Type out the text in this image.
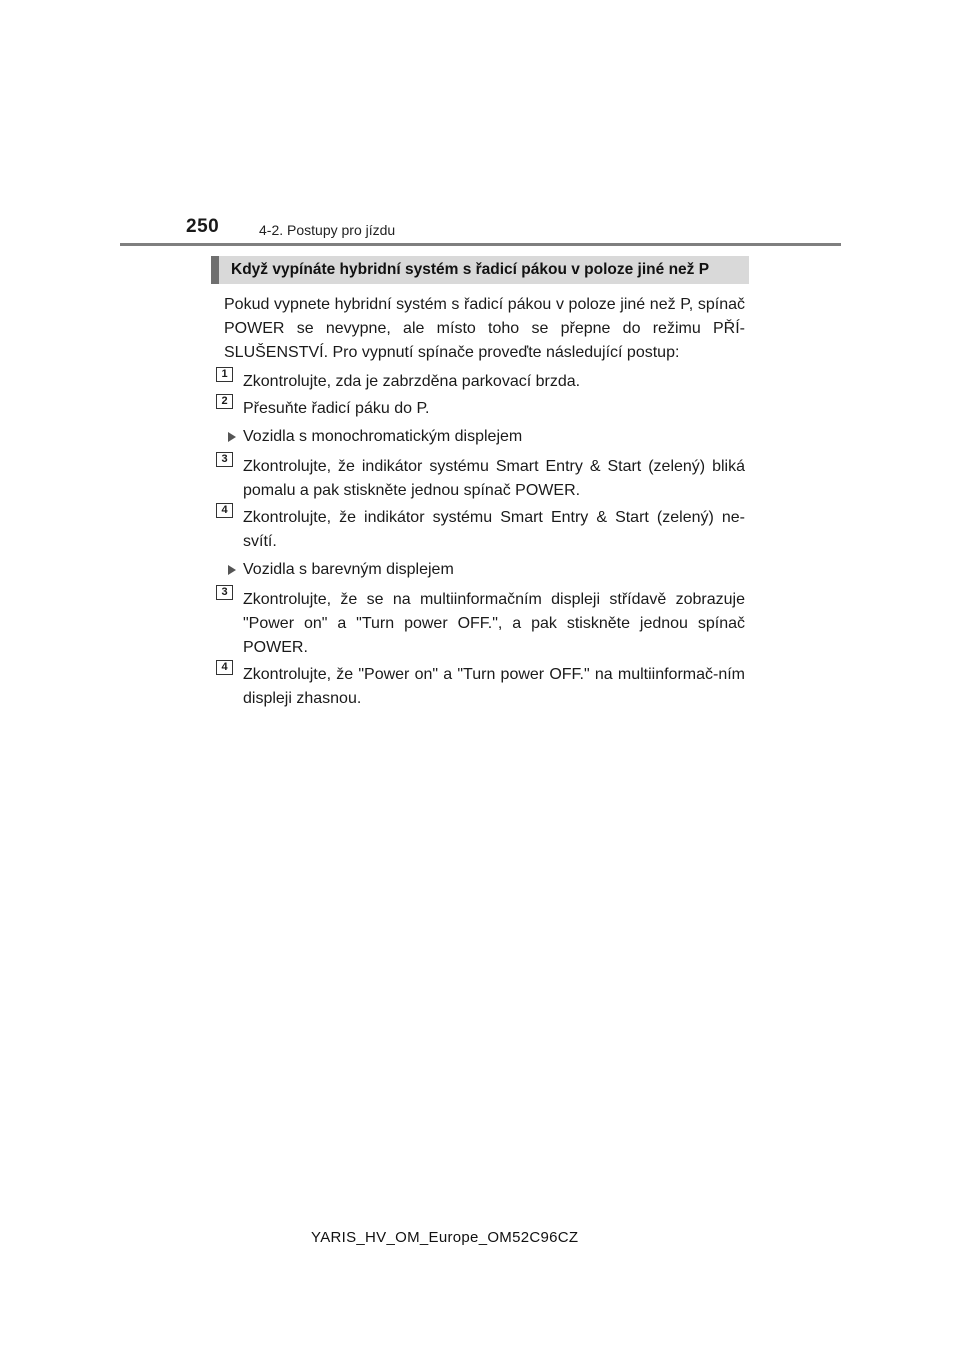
250	4-2. Postupy pro jízdu
Když vypínáte hybridní systém s řadicí pákou v poloze jiné než P

Pokud vypnete hybridní systém s řadicí pákou v poloze jiné než P, spínač POWER se nevypne, ale místo toho se přepne do režimu PŘÍ-SLUŠENSTVÍ. Pro vypnutí spínače proveďte následující postup:

1 Zkontrolujte, zda je zabrzděna parkovací brzda.
2 Přesuňte řadicí páku do P.
Vozidla s monochromatickým displejem
3 Zkontrolujte, že indikátor systému Smart Entry & Start (zelený) bliká pomalu a pak stiskněte jednou spínač POWER.
4 Zkontrolujte, že indikátor systému Smart Entry & Start (zelený) ne-svítí.
Vozidla s barevným displejem
3 Zkontrolujte, že se na multiinformačním displeji střídavě zobrazuje "Power on" a "Turn power OFF.", a pak stiskněte jednou spínač POWER.
4 Zkontrolujte, že "Power on" a "Turn power OFF." na multiinformač-ním displeji zhasnou.
YARIS_HV_OM_Europe_OM52C96CZ
